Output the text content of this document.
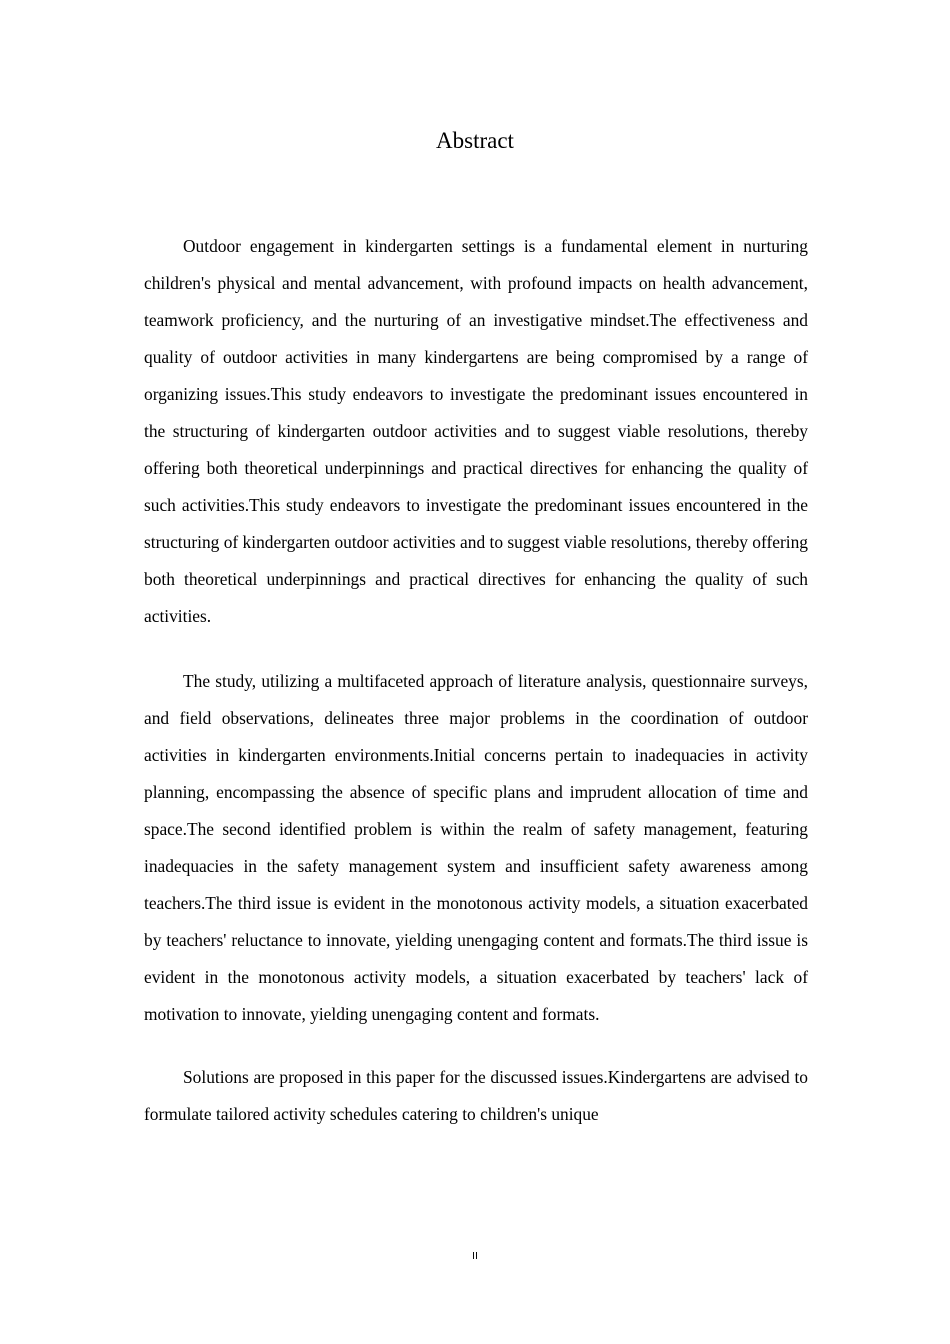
Abstract

Outdoor engagement in kindergarten settings is a fundamental element in nurturing children's physical and mental advancement, with profound impacts on health advancement, teamwork proficiency, and the nurturing of an investigative mindset.The effectiveness and quality of outdoor activities in many kindergartens are being compromised by a range of organizing issues.This study endeavors to investigate the predominant issues encountered in the structuring of kindergarten outdoor activities and to suggest viable resolutions, thereby offering both theoretical underpinnings and practical directives for enhancing the quality of such activities.This study endeavors to investigate the predominant issues encountered in the structuring of kindergarten outdoor activities and to suggest viable resolutions, thereby offering both theoretical underpinnings and practical directives for enhancing the quality of such activities.

The study, utilizing a multifaceted approach of literature analysis, questionnaire surveys, and field observations, delineates three major problems in the coordination of outdoor activities in kindergarten environments.Initial concerns pertain to inadequacies in activity planning, encompassing the absence of specific plans and imprudent allocation of time and space.The second identified problem is within the realm of safety management, featuring inadequacies in the safety management system and insufficient safety awareness among teachers.The third issue is evident in the monotonous activity models, a situation exacerbated by teachers' reluctance to innovate, yielding unengaging content and formats.The third issue is evident in the monotonous activity models, a situation exacerbated by teachers' lack of motivation to innovate, yielding unengaging content and formats.

Solutions are proposed in this paper for the discussed issues.Kindergartens are advised to formulate tailored activity schedules catering to children's unique

II
